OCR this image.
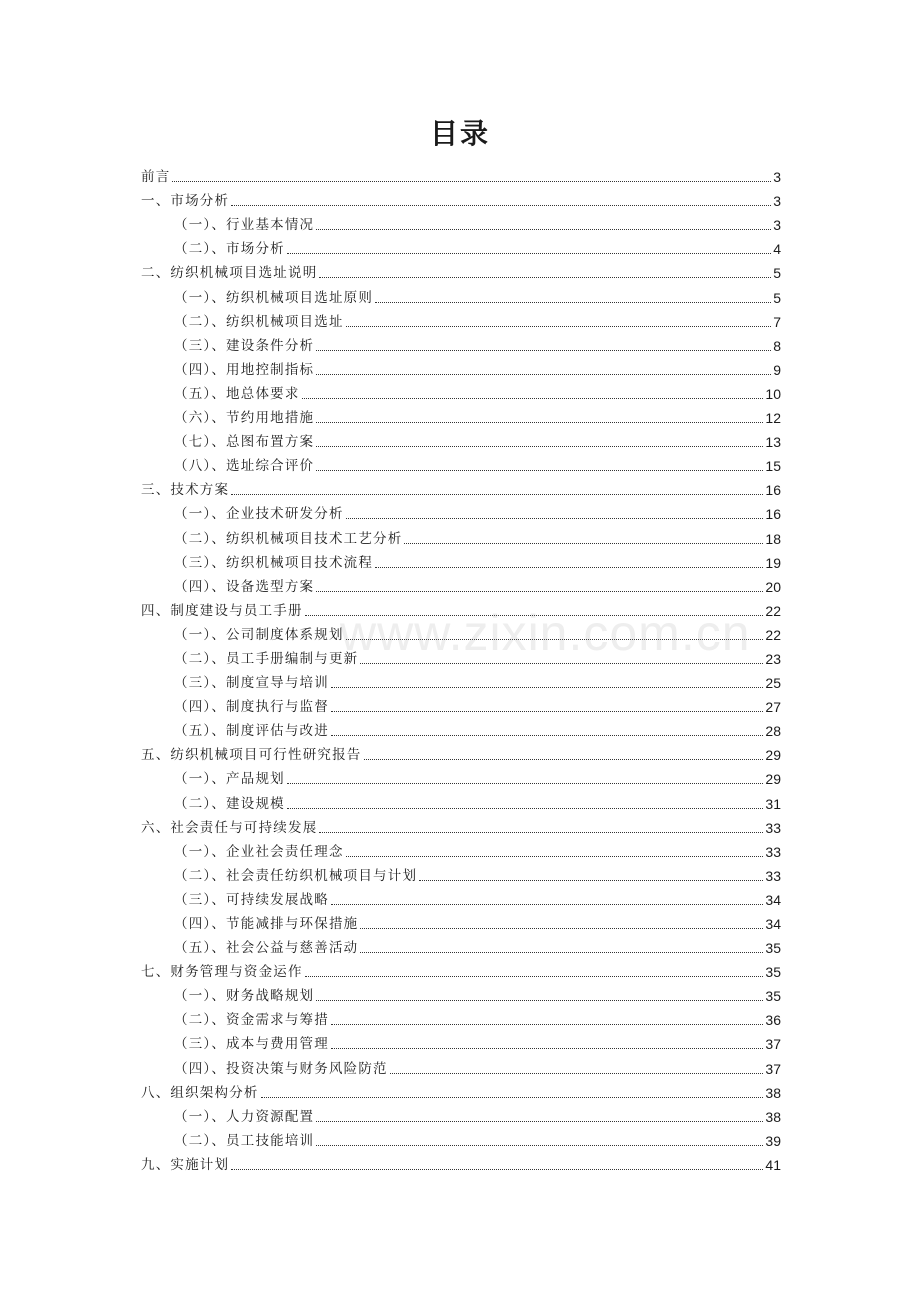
目录
前言	3
一、市场分析	3
（一）、行业基本情况	3
（二）、市场分析	4
二、纺织机械项目选址说明	5
（一）、纺织机械项目选址原则	5
（二）、纺织机械项目选址	7
（三）、建设条件分析	8
（四）、用地控制指标	9
（五）、地总体要求	10
（六）、节约用地措施	12
（七）、总图布置方案	13
（八）、选址综合评价	15
三、技术方案	16
（一）、企业技术研发分析	16
（二）、纺织机械项目技术工艺分析	18
（三）、纺织机械项目技术流程	19
（四）、设备选型方案	20
四、制度建设与员工手册	22
（一）、公司制度体系规划	22
（二）、员工手册编制与更新	23
（三）、制度宣导与培训	25
（四）、制度执行与监督	27
（五）、制度评估与改进	28
五、纺织机械项目可行性研究报告	29
（一）、产品规划	29
（二）、建设规模	31
六、社会责任与可持续发展	33
（一）、企业社会责任理念	33
（二）、社会责任纺织机械项目与计划	33
（三）、可持续发展战略	34
（四）、节能减排与环保措施	34
（五）、社会公益与慈善活动	35
七、财务管理与资金运作	35
（一）、财务战略规划	35
（二）、资金需求与筹措	36
（三）、成本与费用管理	37
（四）、投资决策与财务风险防范	37
八、组织架构分析	38
（一）、人力资源配置	38
（二）、员工技能培训	39
九、实施计划	41
www.zixin.com.cn
